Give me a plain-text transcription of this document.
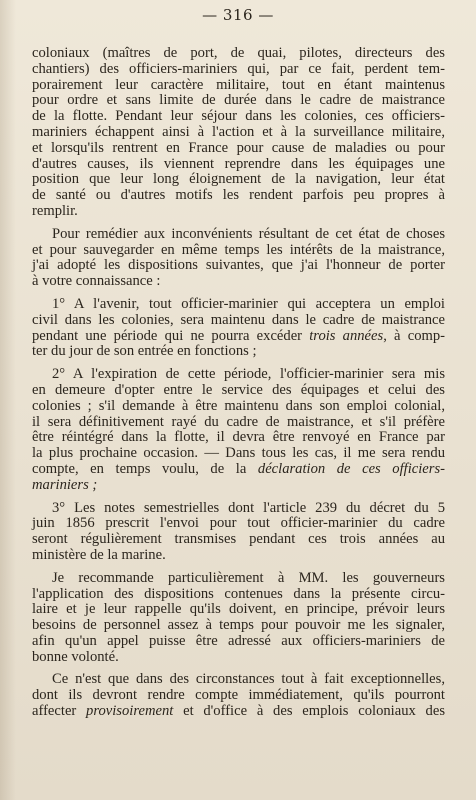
— 316 —
coloniaux (maîtres de port, de quai, pilotes, directeurs des
chantiers) des officiers-mariniers qui, par ce fait, perdent tem-
porairement leur caractère militaire, tout en étant maintenus
pour ordre et sans limite de durée dans le cadre de maistrance
de la flotte. Pendant leur séjour dans les colonies, ces officiers-
mariniers échappent ainsi à l'action et à la surveillance militaire,
et lorsqu'ils rentrent en France pour cause de maladies ou pour
d'autres causes, ils viennent reprendre dans les équipages une
position que leur long éloignement de la navigation, leur état
de santé ou d'autres motifs les rendent parfois peu propres à
remplir.
Pour remédier aux inconvénients résultant de cet état de choses
et pour sauvegarder en même temps les intérêts de la maistrance,
j'ai adopté les dispositions suivantes, que j'ai l'honneur de porter
à votre connaissance :
1° A l'avenir, tout officier-marinier qui acceptera un emploi
civil dans les colonies, sera maintenu dans le cadre de maistrance
pendant une période qui ne pourra excéder trois années, à comp-
ter du jour de son entrée en fonctions ;
2° A l'expiration de cette période, l'officier-marinier sera mis
en demeure d'opter entre le service des équipages et celui des
colonies ; s'il demande à être maintenu dans son emploi colonial,
il sera définitivement rayé du cadre de maistrance, et s'il préfère
être réintégré dans la flotte, il devra être renvoyé en France par
la plus prochaine occasion. — Dans tous les cas, il me sera rendu
compte, en temps voulu, de la déclaration de ces officiers-
mariniers ;
3° Les notes semestrielles dont l'article 239 du décret du 5
juin 1856 prescrit l'envoi pour tout officier-marinier du cadre
seront régulièrement transmises pendant ces trois années au
ministère de la marine.
Je recommande particulièrement à MM. les gouverneurs
l'application des dispositions contenues dans la présente circu-
laire et je leur rappelle qu'ils doivent, en principe, prévoir leurs
besoins de personnel assez à temps pour pouvoir me les signaler,
afin qu'un appel puisse être adressé aux officiers-mariniers de
bonne volonté.
Ce n'est que dans des circonstances tout à fait exceptionnelles,
dont ils devront rendre compte immédiatement, qu'ils pourront
affecter provisoirement et d'office à des emplois coloniaux des
